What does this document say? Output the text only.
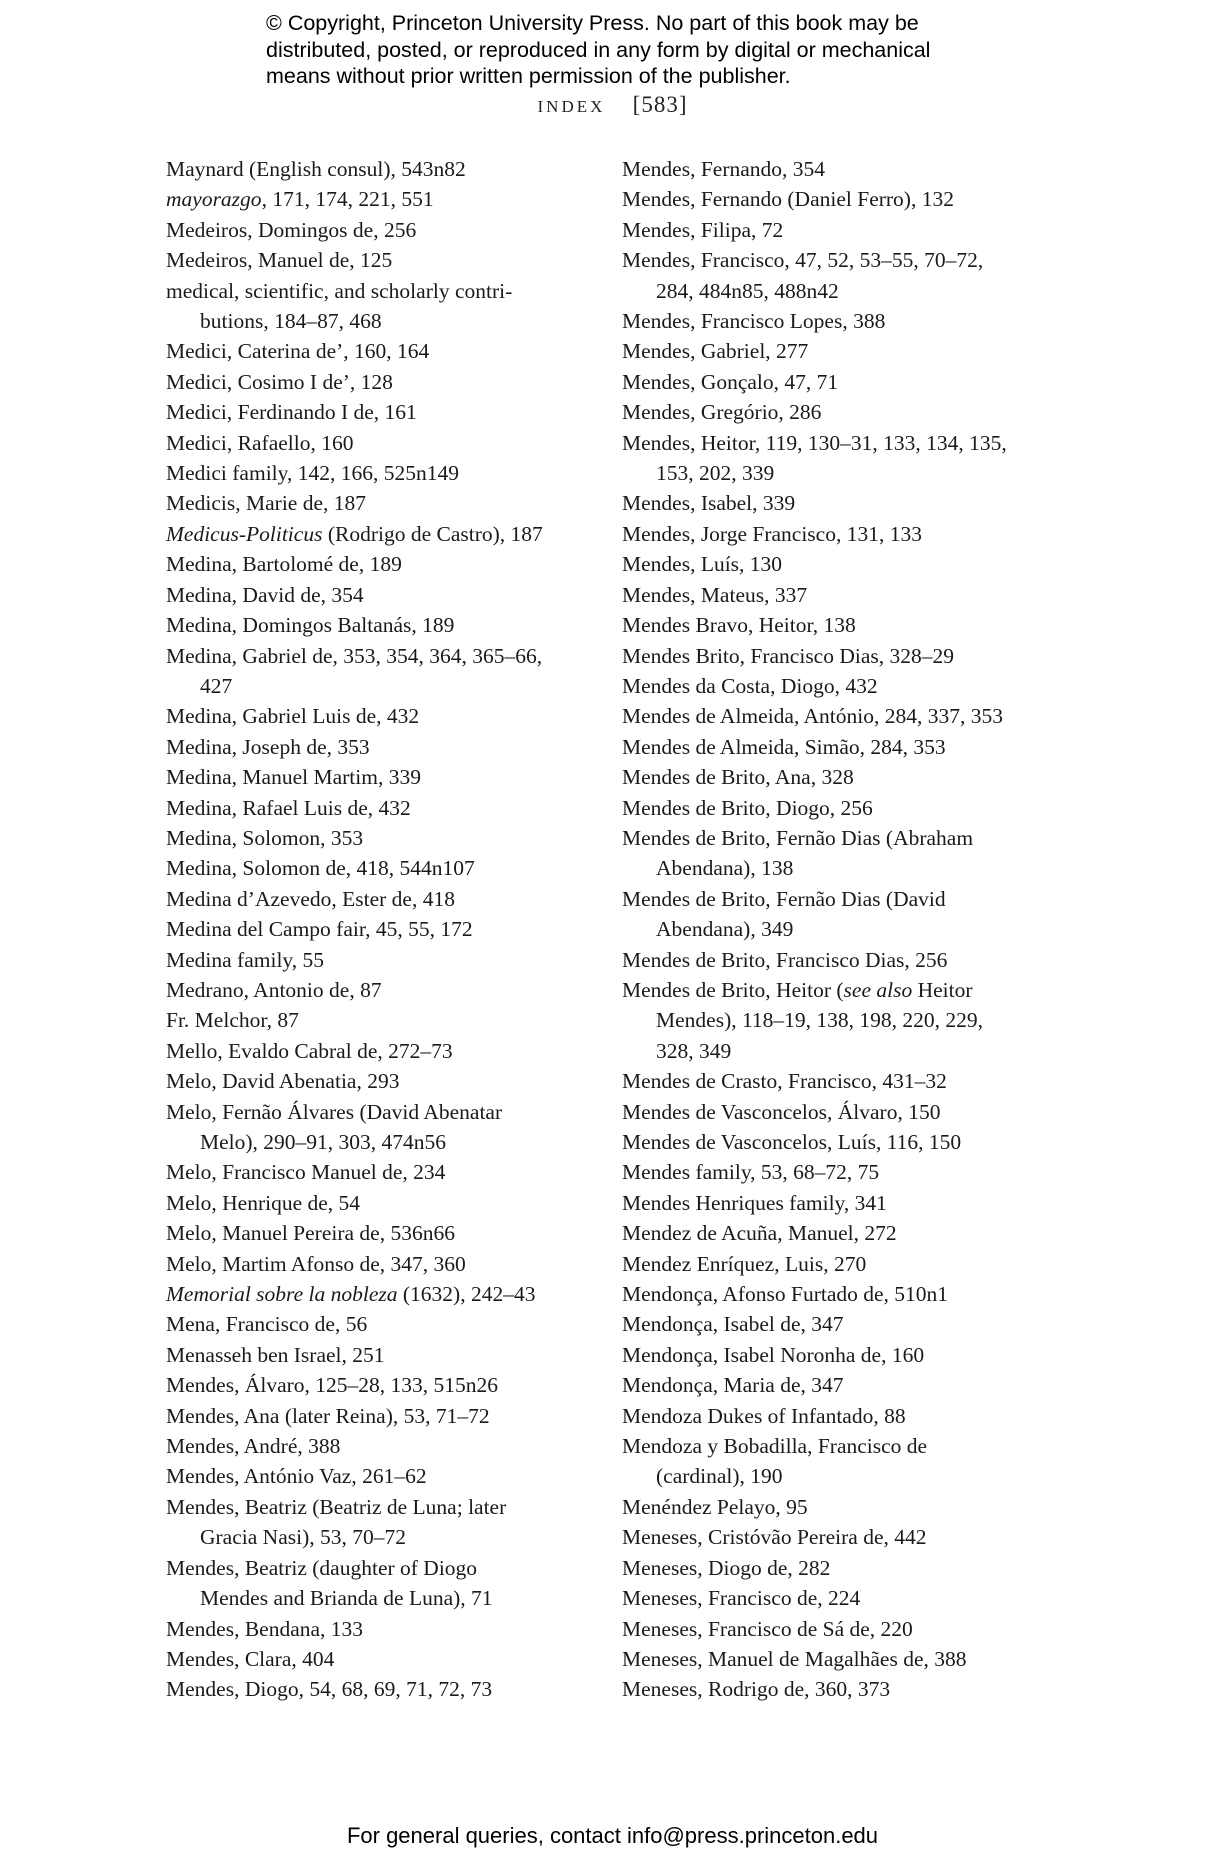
© Copyright, Princeton University Press. No part of this book may be
distributed, posted, or reproduced in any form by digital or mechanical
means without prior written permission of the publisher.
INDEX [583]
Maynard (English consul), 543n82
mayorazgo, 171, 174, 221, 551
Medeiros, Domingos de, 256
Medeiros, Manuel de, 125
medical, scientific, and scholarly contri-
butions, 184–87, 468
Medici, Caterina de’, 160, 164
Medici, Cosimo I de’, 128
Medici, Ferdinando I de, 161
Medici, Rafaello, 160
Medici family, 142, 166, 525n149
Medicis, Marie de, 187
Medicus-Politicus (Rodrigo de Castro), 187
Medina, Bartolomé de, 189
Medina, David de, 354
Medina, Domingos Baltanás, 189
Medina, Gabriel de, 353, 354, 364, 365–66,
427
Medina, Gabriel Luis de, 432
Medina, Joseph de, 353
Medina, Manuel Martim, 339
Medina, Rafael Luis de, 432
Medina, Solomon, 353
Medina, Solomon de, 418, 544n107
Medina d’Azevedo, Ester de, 418
Medina del Campo fair, 45, 55, 172
Medina family, 55
Medrano, Antonio de, 87
Fr. Melchor, 87
Mello, Evaldo Cabral de, 272–73
Melo, David Abenatia, 293
Melo, Fernão Álvares (David Abenatar
Melo), 290–91, 303, 474n56
Melo, Francisco Manuel de, 234
Melo, Henrique de, 54
Melo, Manuel Pereira de, 536n66
Melo, Martim Afonso de, 347, 360
Memorial sobre la nobleza (1632), 242–43
Mena, Francisco de, 56
Menasseh ben Israel, 251
Mendes, Álvaro, 125–28, 133, 515n26
Mendes, Ana (later Reina), 53, 71–72
Mendes, André, 388
Mendes, António Vaz, 261–62
Mendes, Beatriz (Beatriz de Luna; later
Gracia Nasi), 53, 70–72
Mendes, Beatriz (daughter of Diogo
Mendes and Brianda de Luna), 71
Mendes, Bendana, 133
Mendes, Clara, 404
Mendes, Diogo, 54, 68, 69, 71, 72, 73
Mendes, Fernando, 354
Mendes, Fernando (Daniel Ferro), 132
Mendes, Filipa, 72
Mendes, Francisco, 47, 52, 53–55, 70–72,
284, 484n85, 488n42
Mendes, Francisco Lopes, 388
Mendes, Gabriel, 277
Mendes, Gonçalo, 47, 71
Mendes, Gregório, 286
Mendes, Heitor, 119, 130–31, 133, 134, 135,
153, 202, 339
Mendes, Isabel, 339
Mendes, Jorge Francisco, 131, 133
Mendes, Luís, 130
Mendes, Mateus, 337
Mendes Bravo, Heitor, 138
Mendes Brito, Francisco Dias, 328–29
Mendes da Costa, Diogo, 432
Mendes de Almeida, António, 284, 337, 353
Mendes de Almeida, Simão, 284, 353
Mendes de Brito, Ana, 328
Mendes de Brito, Diogo, 256
Mendes de Brito, Fernão Dias (Abraham
Abendana), 138
Mendes de Brito, Fernão Dias (David
Abendana), 349
Mendes de Brito, Francisco Dias, 256
Mendes de Brito, Heitor (see also Heitor
Mendes), 118–19, 138, 198, 220, 229,
328, 349
Mendes de Crasto, Francisco, 431–32
Mendes de Vasconcelos, Álvaro, 150
Mendes de Vasconcelos, Luís, 116, 150
Mendes family, 53, 68–72, 75
Mendes Henriques family, 341
Mendez de Acuña, Manuel, 272
Mendez Enríquez, Luis, 270
Mendonça, Afonso Furtado de, 510n1
Mendonça, Isabel de, 347
Mendonça, Isabel Noronha de, 160
Mendonça, Maria de, 347
Mendoza Dukes of Infantado, 88
Mendoza y Bobadilla, Francisco de
(cardinal), 190
Menéndez Pelayo, 95
Meneses, Cristóvão Pereira de, 442
Meneses, Diogo de, 282
Meneses, Francisco de, 224
Meneses, Francisco de Sá de, 220
Meneses, Manuel de Magalhães de, 388
Meneses, Rodrigo de, 360, 373
For general queries, contact info@press.princeton.edu
